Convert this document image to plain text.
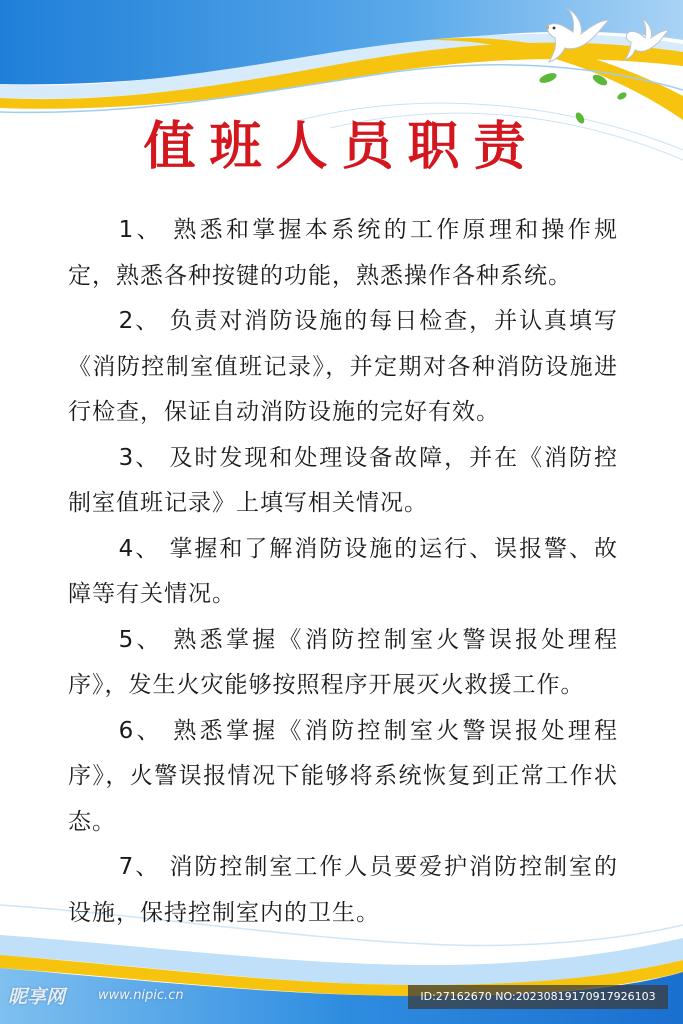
值班人员职责

1、 熟悉和掌握本系统的工作原理和操作规定，熟悉各种按键的功能，熟悉操作各种系统。

2、 负责对消防设施的每日检查，并认真填写《消防控制室值班记录》，并定期对各种消防设施进行检查，保证自动消防设施的完好有效。

3、 及时发现和处理设备故障，并在《消防控制室值班记录》上填写相关情况。

4、 掌握和了解消防设施的运行、误报警、故障等有关情况。

5、 熟悉掌握《消防控制室火警误报处理程序》，发生火灾能够按照程序开展灭火救援工作。

6、 熟悉掌握《消防控制室火警误报处理程序》，火警误报情况下能够将系统恢复到正常工作状态。

7、 消防控制室工作人员要爱护消防控制室的设施，保持控制室内的卫生。

昵享网	www.nipic.cn	ID:27162670 NO:20230819170917926103
